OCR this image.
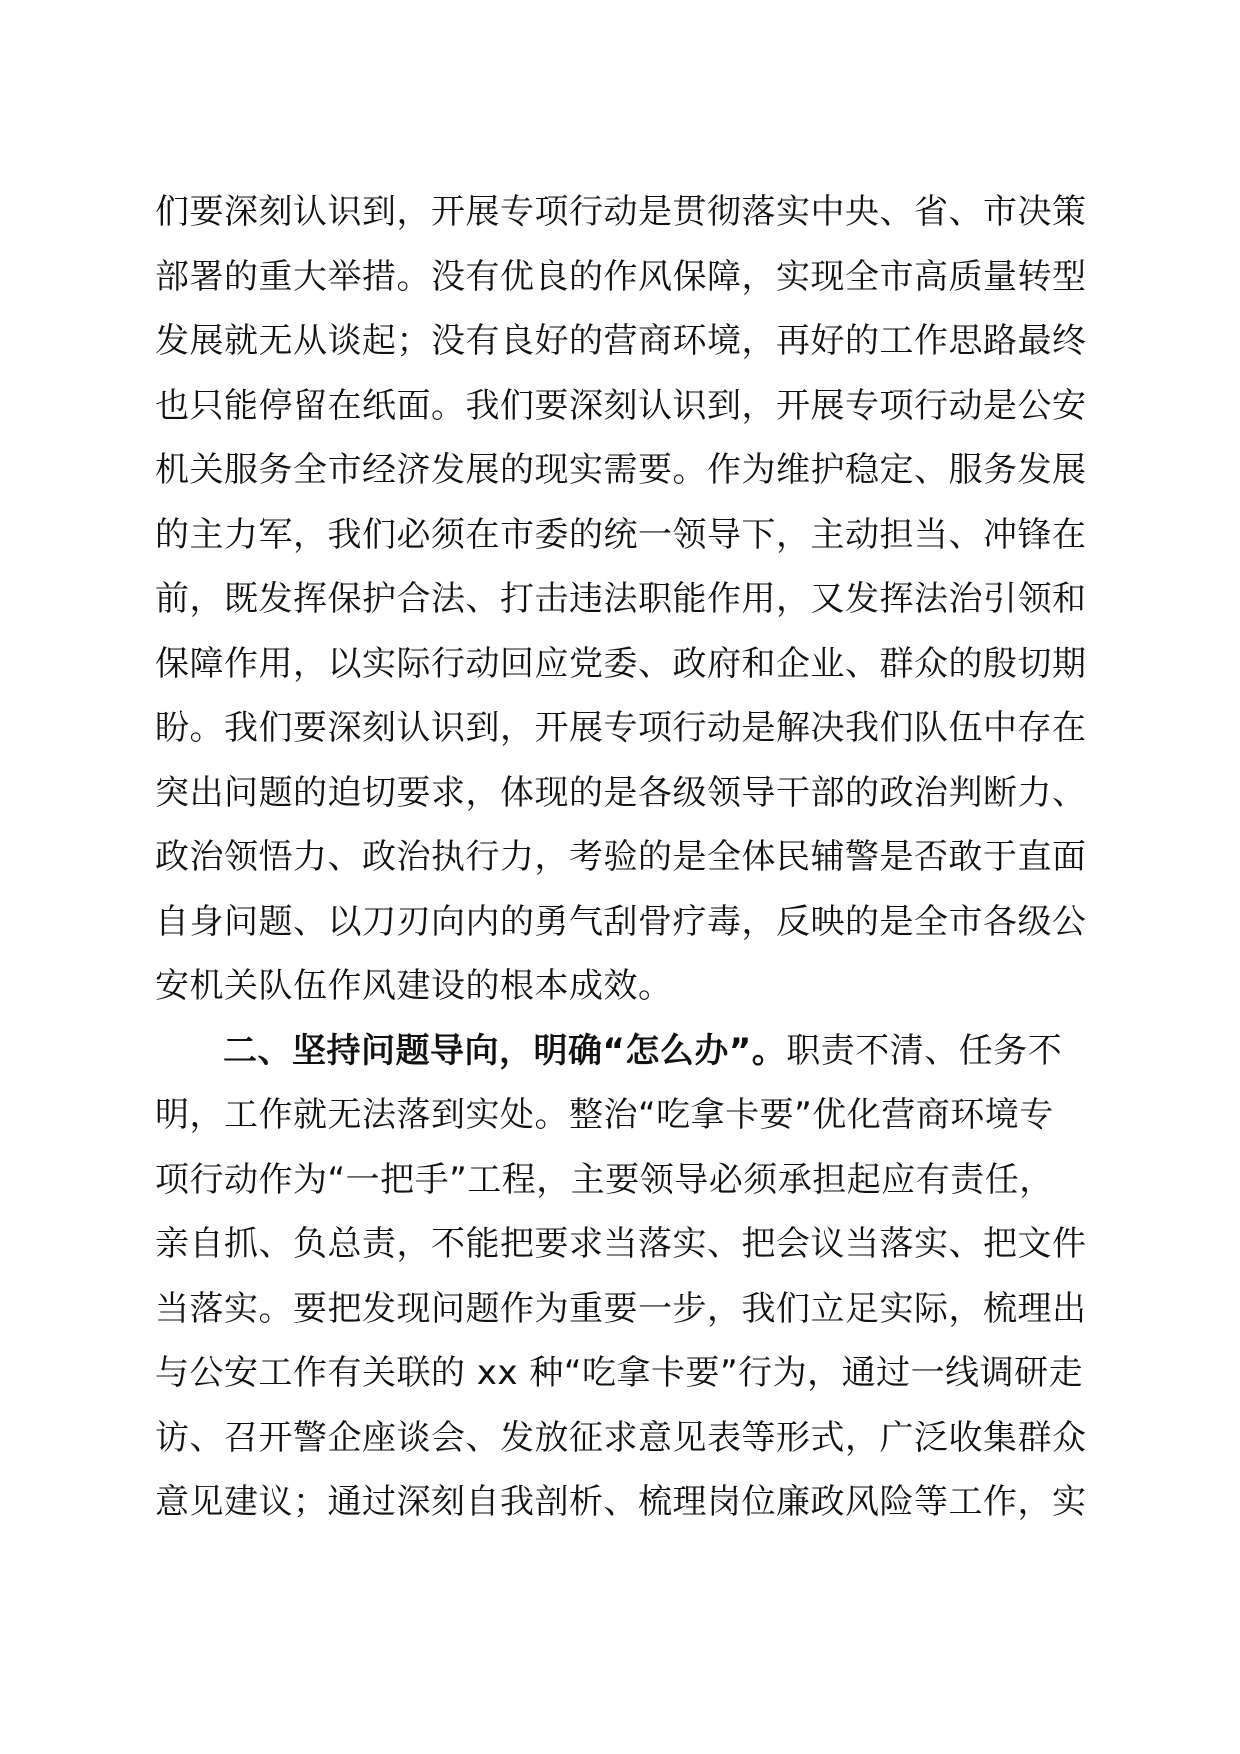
们要深刻认识到，开展专项行动是贯彻落实中央、省、市决策
部署的重大举措。没有优良的作风保障，实现全市高质量转型
发展就无从谈起；没有良好的营商环境，再好的工作思路最终
也只能停留在纸面。我们要深刻认识到，开展专项行动是公安
机关服务全市经济发展的现实需要。作为维护稳定、服务发展
的主力军，我们必须在市委的统一领导下，主动担当、冲锋在
前，既发挥保护合法、打击违法职能作用，又发挥法治引领和
保障作用，以实际行动回应党委、政府和企业、群众的殷切期
盼。我们要深刻认识到，开展专项行动是解决我们队伍中存在
突出问题的迫切要求，体现的是各级领导干部的政治判断力、
政治领悟力、政治执行力，考验的是全体民辅警是否敢于直面
自身问题、以刀刃向内的勇气刮骨疗毒，反映的是全市各级公
安机关队伍作风建设的根本成效。
二、坚持问题导向，明确“怎么办”。职责不清、任务不
明，工作就无法落到实处。整治“吃拿卡要”优化营商环境专
项行动作为“一把手”工程，主要领导必须承担起应有责任，
亲自抓、负总责，不能把要求当落实、把会议当落实、把文件
当落实。要把发现问题作为重要一步，我们立足实际，梳理出
与公安工作有关联的 xx 种“吃拿卡要”行为，通过一线调研走
访、召开警企座谈会、发放征求意见表等形式，广泛收集群众
意见建议；通过深刻自我剖析、梳理岗位廉政风险等工作，实
